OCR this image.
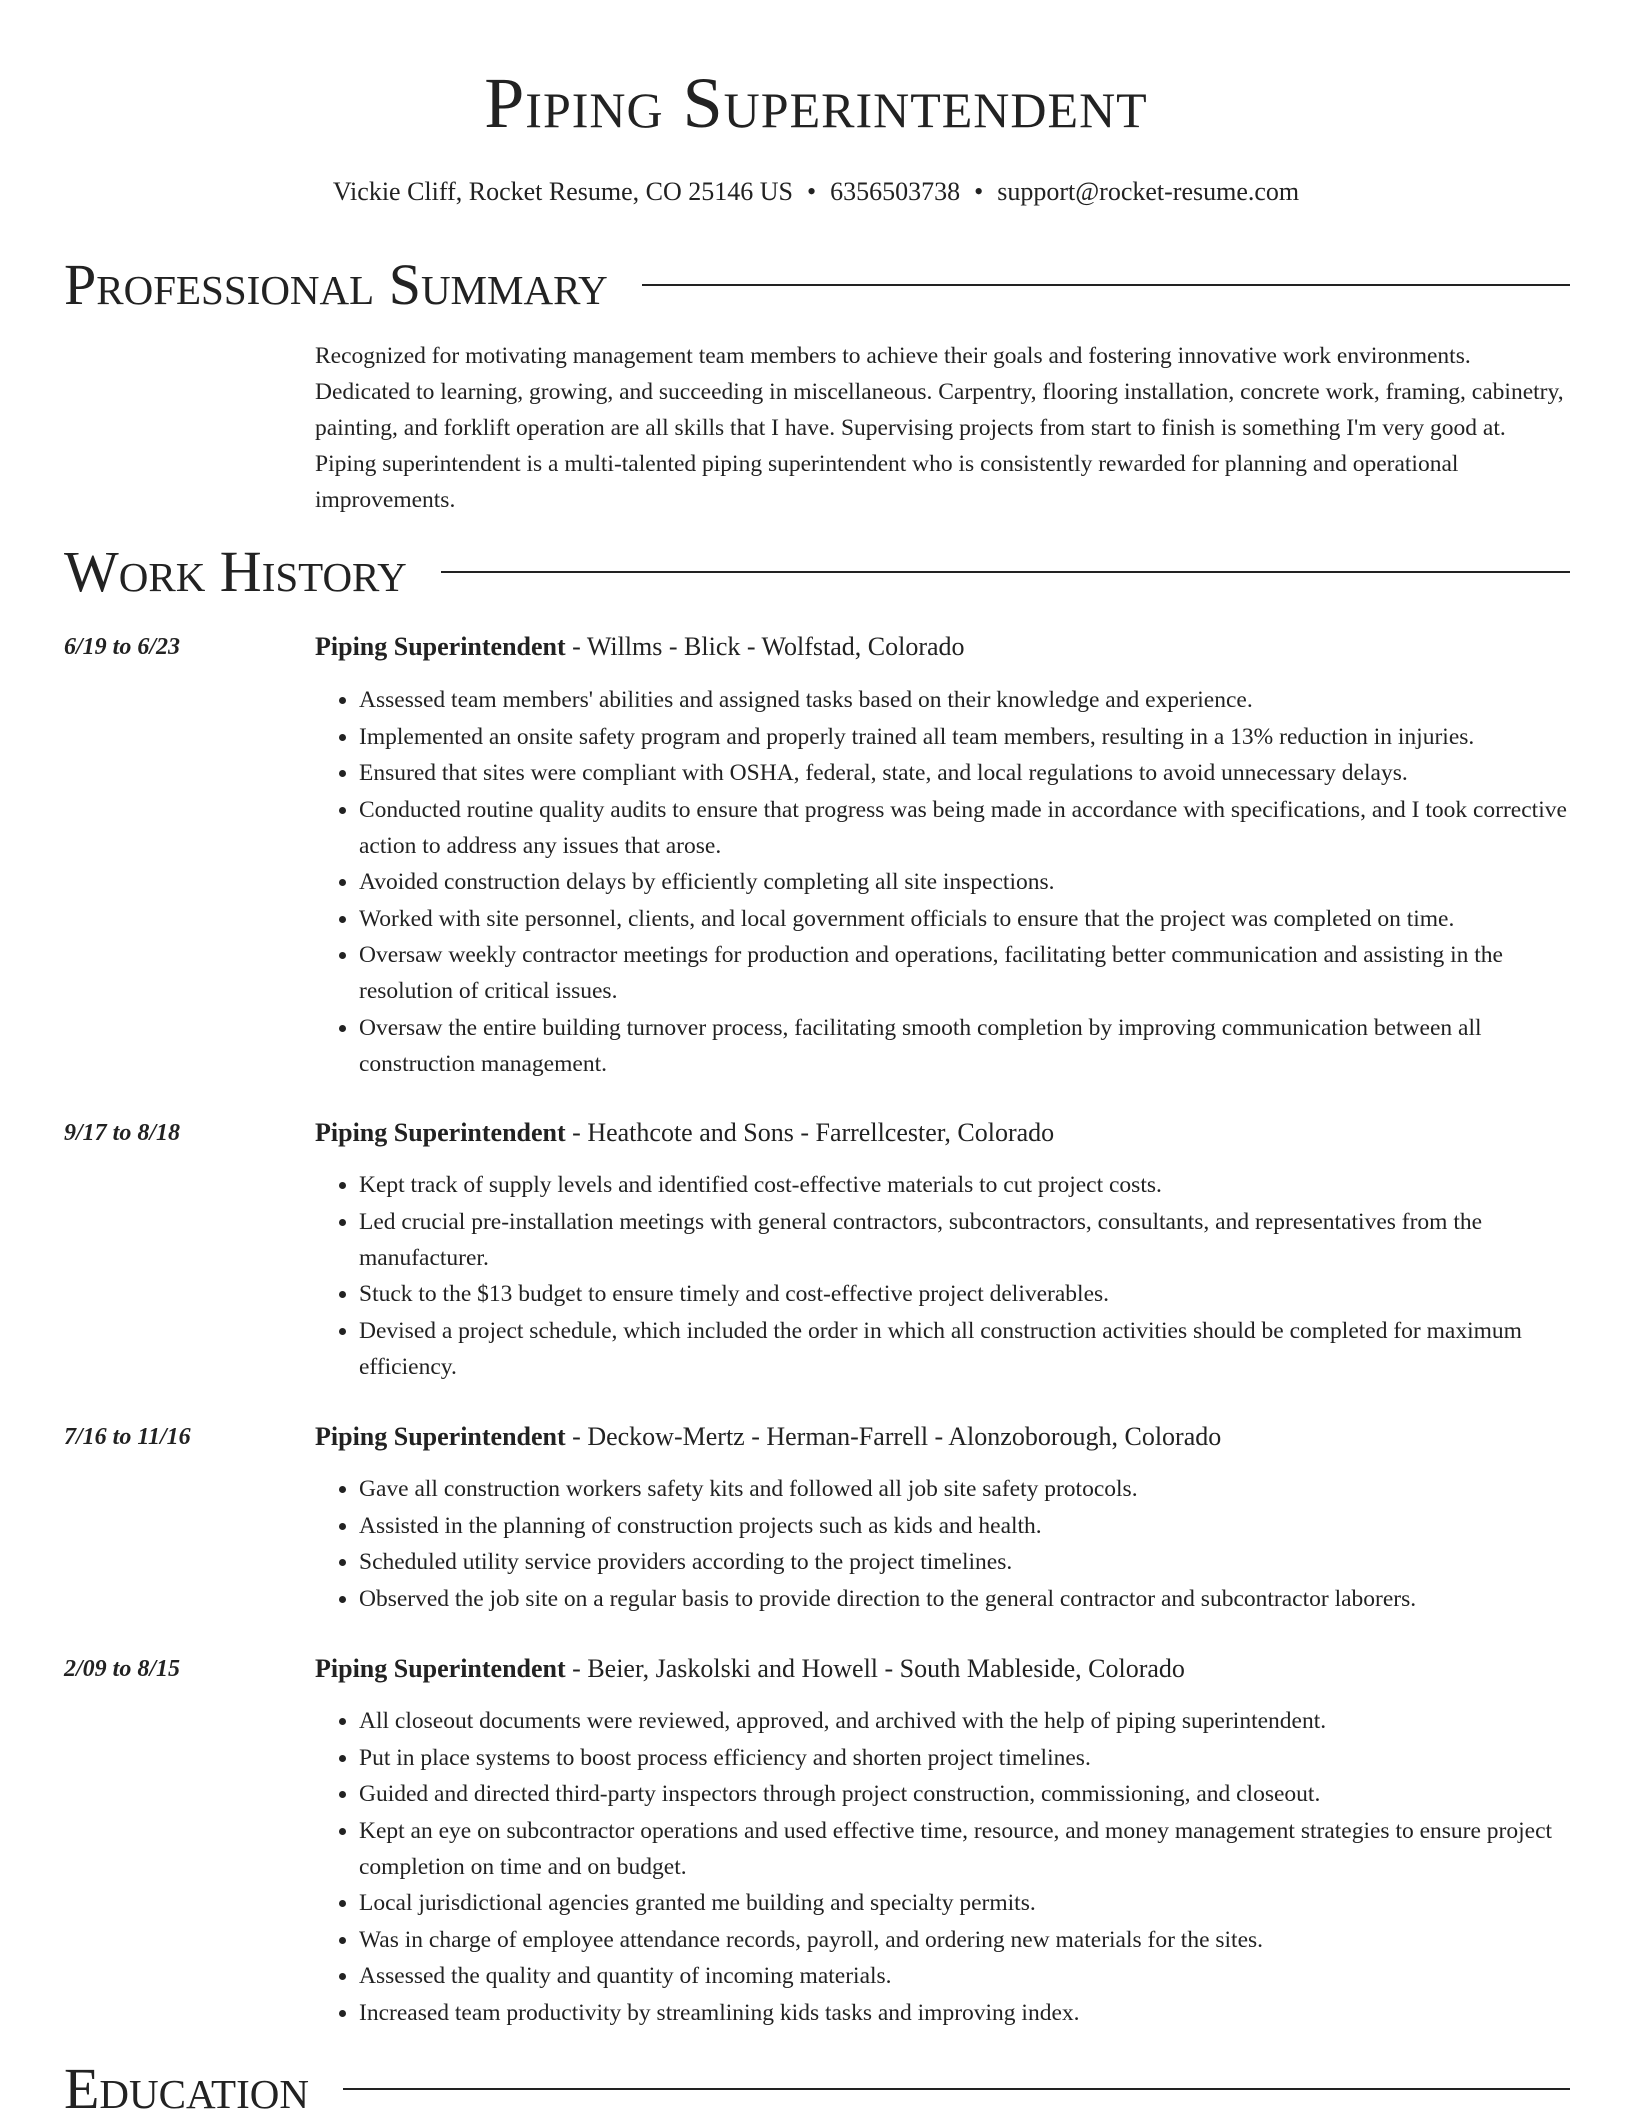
Piping Superintendent
Vickie Cliff, Rocket Resume, CO 25146 US • 6356503738 • support@rocket-resume.com
Professional Summary
Recognized for motivating management team members to achieve their goals and fostering innovative work environments. Dedicated to learning, growing, and succeeding in miscellaneous. Carpentry, flooring installation, concrete work, framing, cabinetry, painting, and forklift operation are all skills that I have. Supervising projects from start to finish is something I'm very good at. Piping superintendent is a multi-talented piping superintendent who is consistently rewarded for planning and operational improvements.
Work History
6/19 to 6/23	Piping Superintendent - Willms - Blick - Wolfstad, Colorado
• Assessed team members' abilities and assigned tasks based on their knowledge and experience.
• Implemented an onsite safety program and properly trained all team members, resulting in a 13% reduction in injuries.
• Ensured that sites were compliant with OSHA, federal, state, and local regulations to avoid unnecessary delays.
• Conducted routine quality audits to ensure that progress was being made in accordance with specifications, and I took corrective action to address any issues that arose.
• Avoided construction delays by efficiently completing all site inspections.
• Worked with site personnel, clients, and local government officials to ensure that the project was completed on time.
• Oversaw weekly contractor meetings for production and operations, facilitating better communication and assisting in the resolution of critical issues.
• Oversaw the entire building turnover process, facilitating smooth completion by improving communication between all construction management.
9/17 to 8/18	Piping Superintendent - Heathcote and Sons - Farrellcester, Colorado
• Kept track of supply levels and identified cost-effective materials to cut project costs.
• Led crucial pre-installation meetings with general contractors, subcontractors, consultants, and representatives from the manufacturer.
• Stuck to the $13 budget to ensure timely and cost-effective project deliverables.
• Devised a project schedule, which included the order in which all construction activities should be completed for maximum efficiency.
7/16 to 11/16	Piping Superintendent - Deckow-Mertz - Herman-Farrell - Alonzoborough, Colorado
• Gave all construction workers safety kits and followed all job site safety protocols.
• Assisted in the planning of construction projects such as kids and health.
• Scheduled utility service providers according to the project timelines.
• Observed the job site on a regular basis to provide direction to the general contractor and subcontractor laborers.
2/09 to 8/15	Piping Superintendent - Beier, Jaskolski and Howell - South Mableside, Colorado
• All closeout documents were reviewed, approved, and archived with the help of piping superintendent.
• Put in place systems to boost process efficiency and shorten project timelines.
• Guided and directed third-party inspectors through project construction, commissioning, and closeout.
• Kept an eye on subcontractor operations and used effective time, resource, and money management strategies to ensure project completion on time and on budget.
• Local jurisdictional agencies granted me building and specialty permits.
• Was in charge of employee attendance records, payroll, and ordering new materials for the sites.
• Assessed the quality and quantity of incoming materials.
• Increased team productivity by streamlining kids tasks and improving index.
Education
